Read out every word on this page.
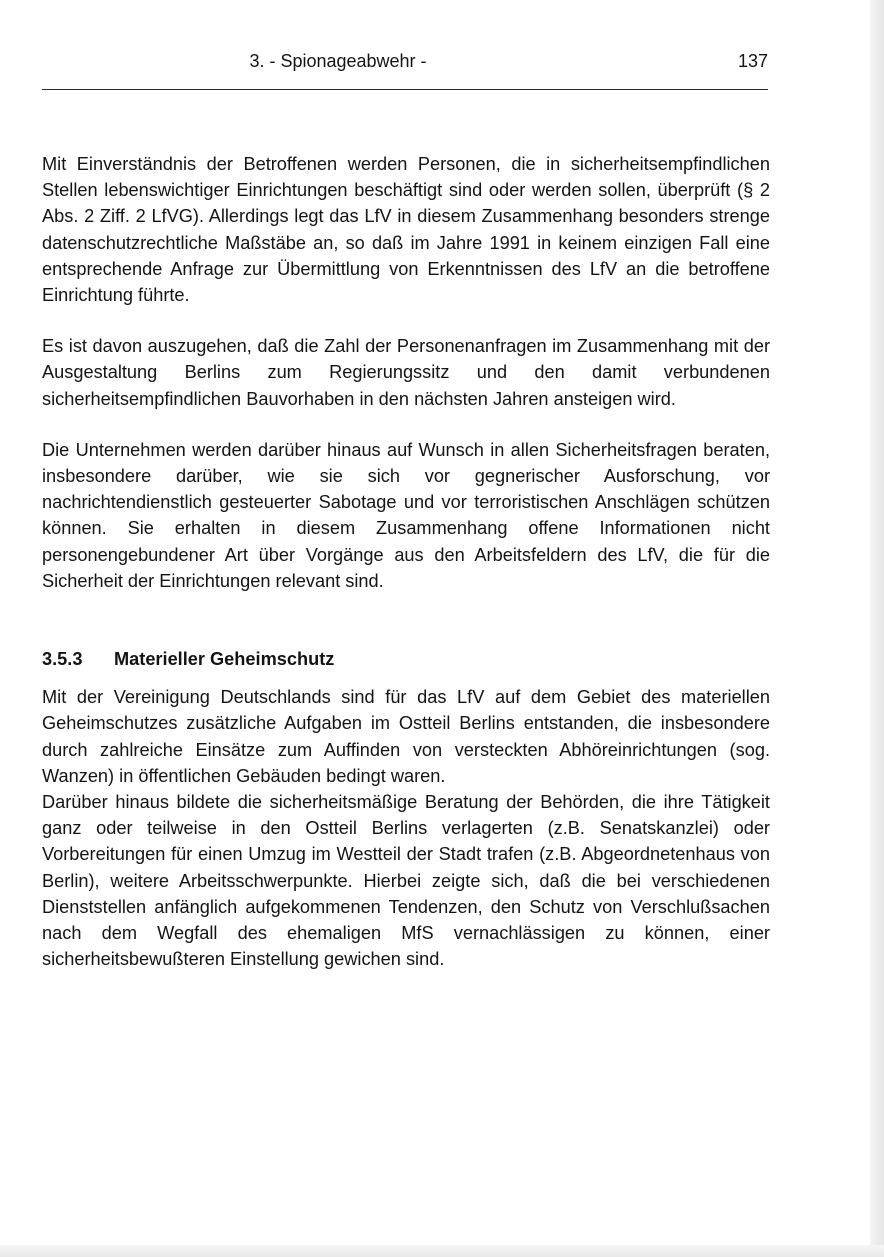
3. - Spionageabwehr -	137

Mit Einverständnis der Betroffenen werden Personen, die in sicherheitsempfindlichen Stellen lebenswichtiger Einrichtungen beschäftigt sind oder werden sollen, überprüft (§ 2 Abs. 2 Ziff. 2 LfVG). Allerdings legt das LfV in diesem Zusammenhang besonders strenge datenschutzrechtliche Maßstäbe an, so daß im Jahre 1991 in keinem einzigen Fall eine entsprechende Anfrage zur Übermittlung von Erkenntnissen des LfV an die betroffene Einrichtung führte.

Es ist davon auszugehen, daß die Zahl der Personenanfragen im Zusammenhang mit der Ausgestaltung Berlins zum Regierungssitz und den damit verbundenen sicherheitsempfindlichen Bauvorhaben in den nächsten Jahren ansteigen wird.

Die Unternehmen werden darüber hinaus auf Wunsch in allen Sicherheitsfragen beraten, insbesondere darüber, wie sie sich vor gegnerischer Ausforschung, vor nachrichtendienstlich gesteuerter Sabotage und vor terroristischen Anschlägen schützen können. Sie erhalten in diesem Zusammenhang offene Informationen nicht personengebundener Art über Vorgänge aus den Arbeitsfeldern des LfV, die für die Sicherheit der Einrichtungen relevant sind.

3.5.3 Materieller Geheimschutz

Mit der Vereinigung Deutschlands sind für das LfV auf dem Gebiet des materiellen Geheimschutzes zusätzliche Aufgaben im Ostteil Berlins entstanden, die insbesondere durch zahlreiche Einsätze zum Auffinden von versteckten Abhöreinrichtungen (sog. Wanzen) in öffentlichen Gebäuden bedingt waren.

Darüber hinaus bildete die sicherheitsmäßige Beratung der Behörden, die ihre Tätigkeit ganz oder teilweise in den Ostteil Berlins verlagerten (z.B. Senatskanzlei) oder Vorbereitungen für einen Umzug im Westteil der Stadt trafen (z.B. Abgeordnetenhaus von Berlin), weitere Arbeitsschwerpunkte. Hierbei zeigte sich, daß die bei verschiedenen Dienststellen anfänglich aufgekommenen Tendenzen, den Schutz von Verschlußsachen nach dem Wegfall des ehemaligen MfS vernachlässigen zu können, einer sicherheitsbewußteren Einstellung gewichen sind.
